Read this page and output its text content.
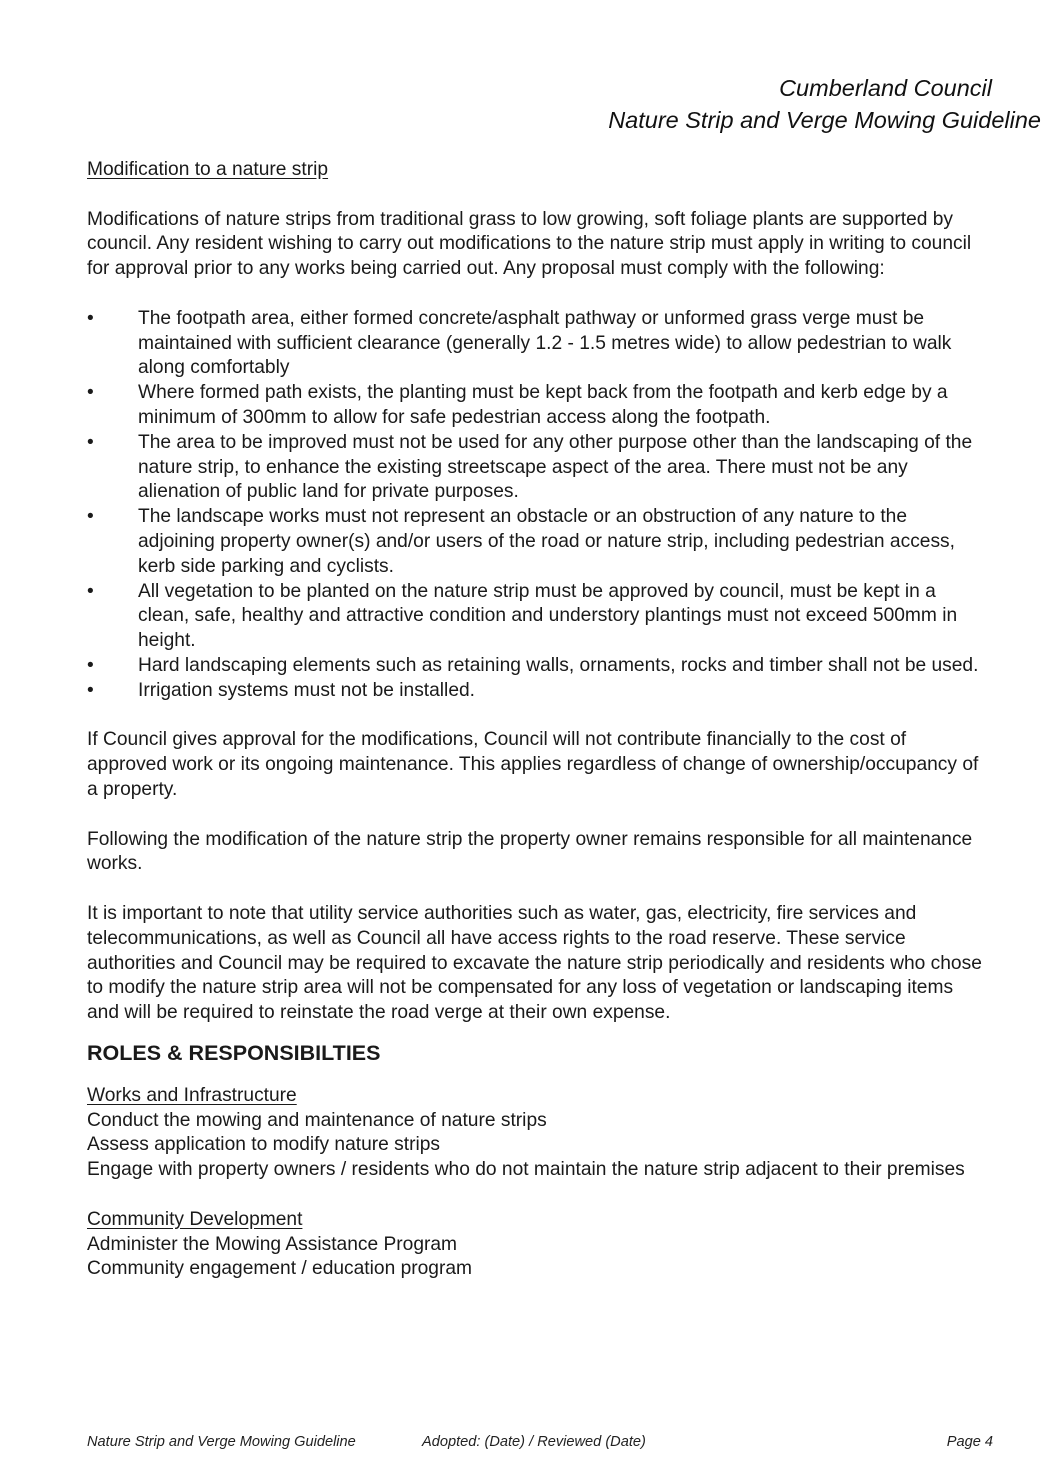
Cumberland Council
Nature Strip and Verge Mowing Guideline

Modification to a nature strip

Modifications of nature strips from traditional grass to low growing, soft foliage plants are supported by council. Any resident wishing to carry out modifications to the nature strip must apply in writing to council for approval prior to any works being carried out. Any proposal must comply with the following:

• The footpath area, either formed concrete/asphalt pathway or unformed grass verge must be maintained with sufficient clearance (generally 1.2 - 1.5 metres wide) to allow pedestrian to walk along comfortably
• Where formed path exists, the planting must be kept back from the footpath and kerb edge by a minimum of 300mm to allow for safe pedestrian access along the footpath.
• The area to be improved must not be used for any other purpose other than the landscaping of the nature strip, to enhance the existing streetscape aspect of the area. There must not be any alienation of public land for private purposes.
• The landscape works must not represent an obstacle or an obstruction of any nature to the adjoining property owner(s) and/or users of the road or nature strip, including pedestrian access, kerb side parking and cyclists.
• All vegetation to be planted on the nature strip must be approved by council, must be kept in a clean, safe, healthy and attractive condition and understory plantings must not exceed 500mm in height.
• Hard landscaping elements such as retaining walls, ornaments, rocks and timber shall not be used.
• Irrigation systems must not be installed.

If Council gives approval for the modifications, Council will not contribute financially to the cost of approved work or its ongoing maintenance. This applies regardless of change of ownership/occupancy of a property.

Following the modification of the nature strip the property owner remains responsible for all maintenance works.

It is important to note that utility service authorities such as water, gas, electricity, fire services and telecommunications, as well as Council all have access rights to the road reserve. These service authorities and Council may be required to excavate the nature strip periodically and residents who chose to modify the nature strip area will not be compensated for any loss of vegetation or landscaping items and will be required to reinstate the road verge at their own expense.

ROLES & RESPONSIBILTIES

Works and Infrastructure

Conduct the mowing and maintenance of nature strips

Assess application to modify nature strips

Engage with property owners / residents who do not maintain the nature strip adjacent to their premises

Community Development

Administer the Mowing Assistance Program

Community engagement / education program

Nature Strip and Verge Mowing Guideline	Adopted: (Date) / Reviewed (Date)	Page 4
